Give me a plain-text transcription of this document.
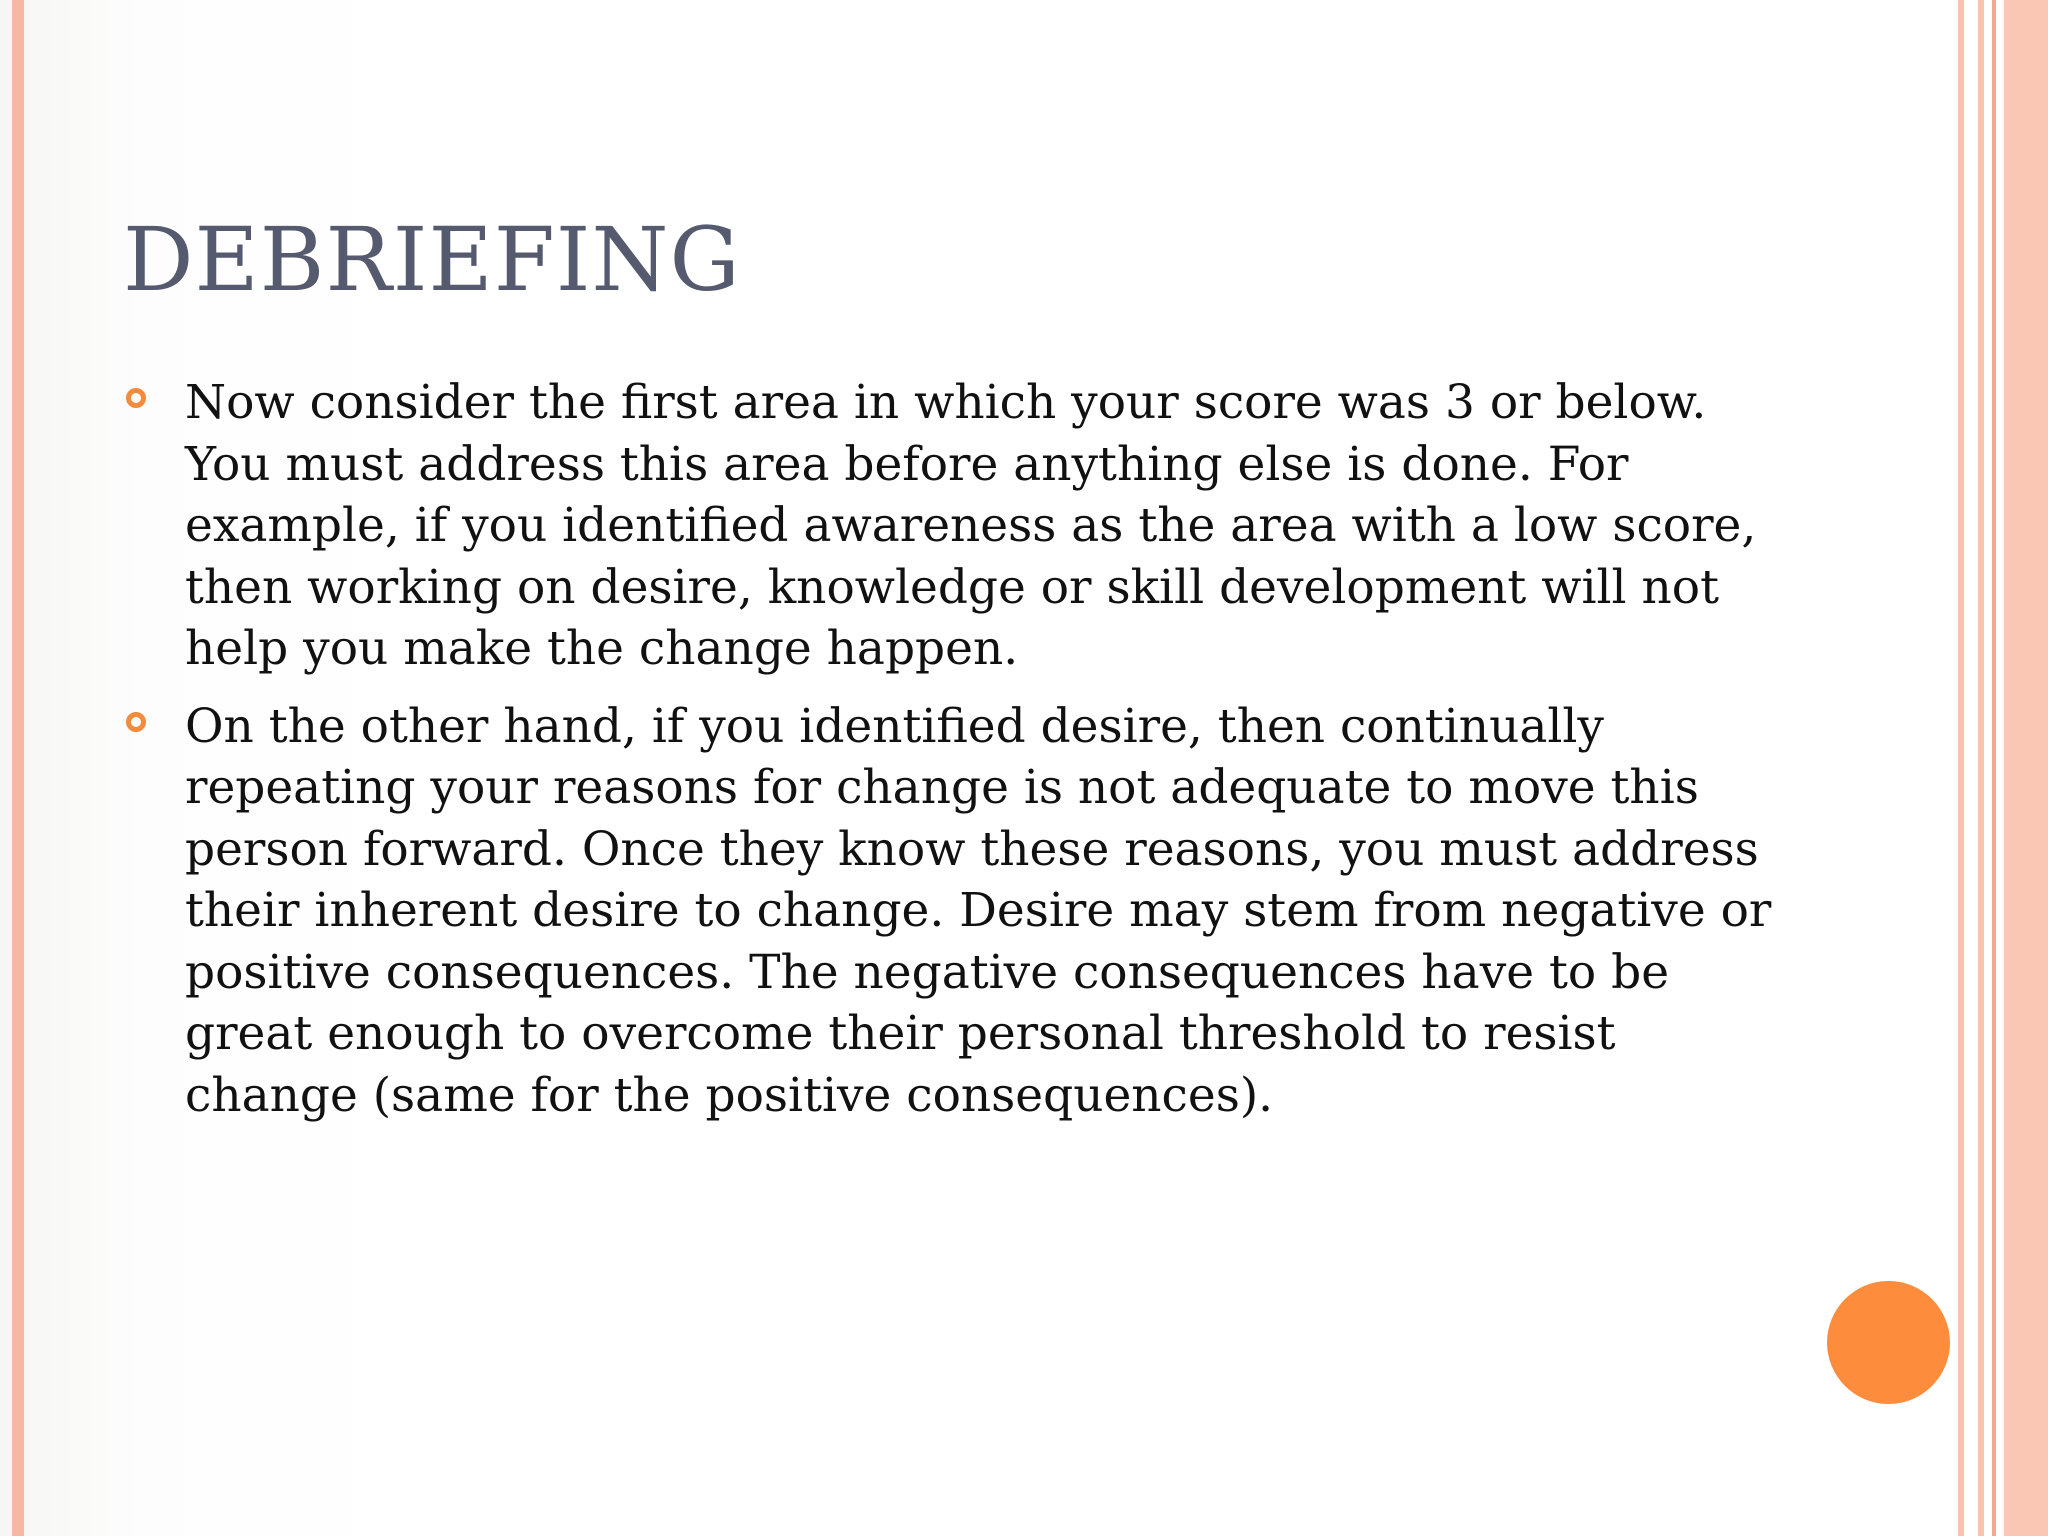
DEBRIEFING
Now consider the first area in which your score was 3 or below. You must address this area before anything else is done. For example, if you identified awareness as the area with a low score, then working on desire, knowledge or skill development will not help you make the change happen.
On the other hand, if you identified desire, then continually repeating your reasons for change is not adequate to move this person forward. Once they know these reasons, you must address their inherent desire to change. Desire may stem from negative or positive consequences. The negative consequences have to be great enough to overcome their personal threshold to resist change (same for the positive consequences).
